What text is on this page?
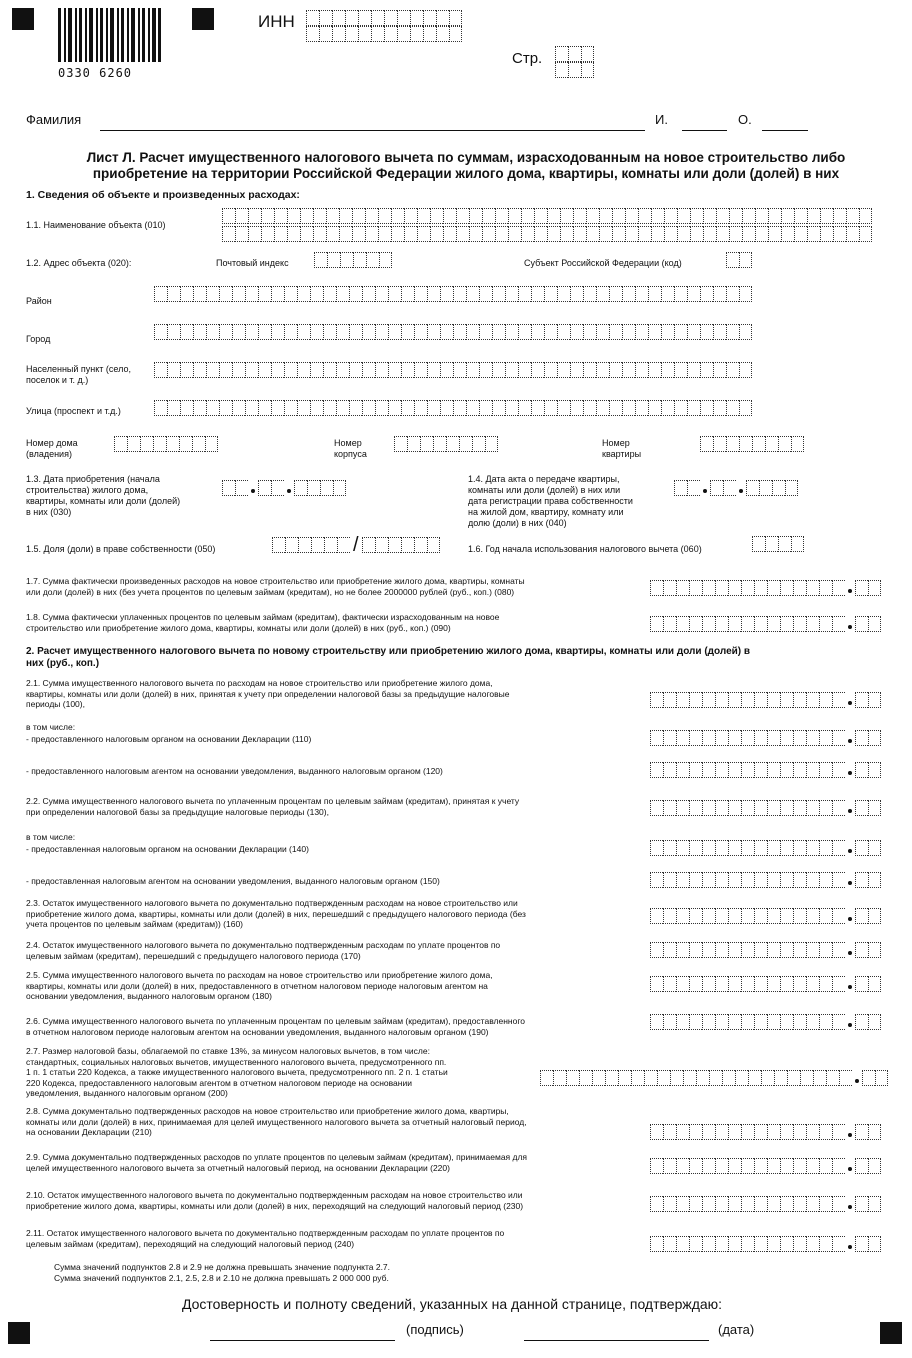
0330 6260
ИНН
Стр.
Фамилия	И.	О.
Лист Л. Расчет имущественного налогового вычета по суммам, израсходованным на новое строительство либо
приобретение на территории Российской Федерации жилого дома, квартиры, комнаты или доли (долей) в них
1. Сведения об объекте и произведенных расходах:
1.1. Наименование объекта (010)
1.2. Адрес объекта (020):	Почтовый индекс	Субъект Российской Федерации (код)
Район
Город
Населенный пункт (село,
поселок и т. д.)
Улица (проспект и т.д.)
Номер дома
(владения)
Номер
корпуса
Номер
квартиры
1.3. Дата приобретения (начала
строительства) жилого дома,
квартиры, комнаты или доли (долей)
в них (030)
1.4. Дата акта о передаче квартиры,
комнаты или доли (долей) в них или
дата регистрации права собственности
на жилой дом, квартиру, комнату или
долю (доли) в них (040)
1.5. Доля (доли) в праве собственности (050)	/	1.6. Год начала использования налогового вычета (060)
1.7. Сумма фактически произведенных расходов на новое строительство или приобретение жилого дома, квартиры, комнаты
или доли (долей) в них (без учета процентов по целевым займам (кредитам), но не более 2000000 рублей (руб., коп.) (080)
1.8. Сумма фактически уплаченных процентов по целевым займам (кредитам), фактически израсходованным на новое
строительство или приобретение жилого дома, квартиры, комнаты или доли (долей) в них (руб., коп.) (090)
2. Расчет имущественного налогового вычета по новому строительству или приобретению жилого дома, квартиры, комнаты или доли (долей) в
них (руб., коп.)
2.1. Сумма имущественного налогового вычета по расходам на новое строительство или приобретение жилого дома,
квартиры, комнаты или доли (долей) в них, принятая к учету при определении налоговой базы за предыдущие налоговые
периоды (100),
в том числе:
- предоставленного налоговым органом на основании Декларации (110)
- предоставленного налоговым агентом на основании уведомления, выданного налоговым органом (120)
2.2. Сумма имущественного налогового вычета по уплаченным процентам по целевым займам (кредитам), принятая к учету
при определении налоговой базы за предыдущие налоговые периоды (130),
в том числе:
- предоставленная налоговым органом на основании Декларации (140)
- предоставленная налоговым агентом на основании уведомления, выданного налоговым органом (150)
2.3. Остаток имущественного налогового вычета по документально подтвержденным расходам на новое строительство или
приобретение жилого дома, квартиры, комнаты или доли (долей) в них, перешедший с предыдущего налогового периода (без
учета процентов по целевым займам (кредитам)) (160)
2.4. Остаток имущественного налогового вычета по документально подтвержденным расходам по уплате процентов по
целевым займам (кредитам), перешедший с предыдущего налогового периода (170)
2.5. Сумма имущественного налогового вычета по расходам на новое строительство или приобретение жилого дома,
квартиры, комнаты или доли (долей) в них, предоставленного в отчетном налоговом периоде налоговым агентом на
основании уведомления, выданного налоговым органом (180)
2.6. Сумма имущественного налогового вычета по уплаченным процентам по целевым займам (кредитам), предоставленного
в отчетном налоговом периоде налоговым агентом на основании уведомления, выданного налоговым органом (190)
2.7. Размер налоговой базы, облагаемой по ставке 13%, за минусом налоговых вычетов, в том числе:
стандартных, социальных налоговых вычетов, имущественного налогового вычета, предусмотренного пп.
1 п. 1 статьи 220 Кодекса, а также имущественного налогового вычета, предусмотренного пп. 2 п. 1 статьи
220 Кодекса, предоставленного налоговым агентом в отчетном налоговом периоде на основании
уведомления, выданного налоговым органом (200)
2.8. Сумма документально подтвержденных расходов на новое строительство или приобретение жилого дома, квартиры,
комнаты или доли (долей) в них, принимаемая для целей имущественного налогового вычета за отчетный налоговый период,
на основании Декларации (210)
2.9. Сумма документально подтвержденных расходов по уплате процентов по целевым займам (кредитам), принимаемая для
целей имущественного налогового вычета за отчетный налоговый период, на основании Декларации (220)
2.10. Остаток имущественного налогового вычета по документально подтвержденным расходам на новое строительство или
приобретение жилого дома, квартиры, комнаты или доли (долей) в них, переходящий на следующий налоговый период (230)
2.11. Остаток имущественного налогового вычета по документально подтвержденным расходам по уплате процентов по
целевым займам (кредитам), переходящий на следующий налоговый период (240)
Сумма значений подпунктов 2.8 и 2.9 не должна превышать значение подпункта 2.7.
Сумма значений подпунктов 2.1, 2.5, 2.8 и 2.10 не должна превышать 2 000 000 руб.
Достоверность и полноту сведений, указанных на данной странице, подтверждаю:
(подпись)	(дата)
